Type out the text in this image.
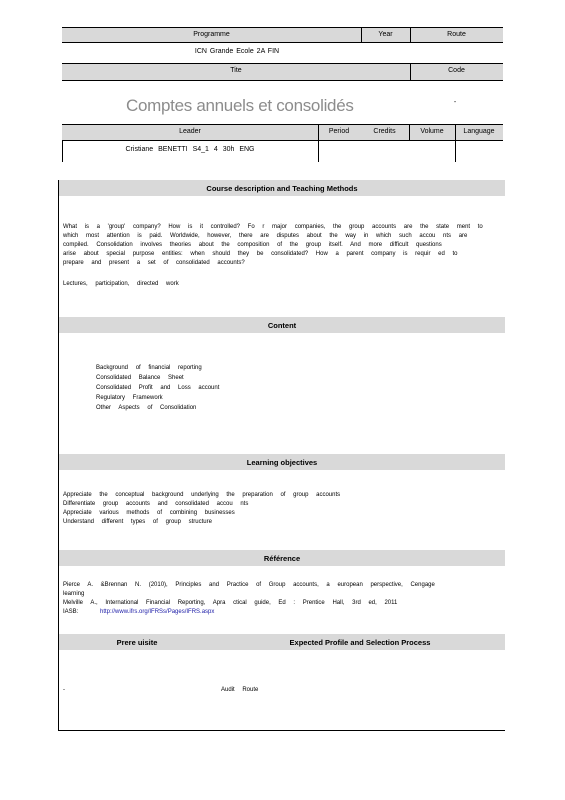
Programme	Year	Route
ICN Grande Ecole 2A FIN
Tite	Code
Comptes annuels et consolidés	-
Leader	Period	Credits	Volume	Language
Cristiane BENETTI S4_1 4 30h ENG
Course description and Teaching Methods
What is a 'group' company? How is it controlled? Fo r major companies, the group accounts are the state ment to
which most attention is paid. Worldwide, however, there are disputes about the way in which such accou nts are
compiled. Consolidation involves theories about the composition of the group itself. And more difficult questions
arise about special purpose entities: when should they be consolidated? How a parent company is requir ed to
prepare and present a set of consolidated accounts?
Lectures, participation, directed work
Content
Background of financial reporting
Consolidated Balance Sheet
Consolidated Profit and Loss account
Regulatory Framework
Other Aspects of Consolidation
Learning objectives
Appreciate the conceptual background underlying the preparation of group accounts
Differentiate group accounts and consolidated accou nts
Appreciate various methods of combining businesses
Understand different types of group structure
Référence
Pierce A. &Brennan N. (2010), Principles and Practice of Group accounts, a european perspective, Cengage
learning
Melville A., International Financial Reporting, Apra ctical guide, Ed : Prentice Hall, 3rd ed, 2011
IASB:	http://www.ifrs.org/IFRSs/Pages/IFRS.aspx
Prere uisite	Expected Profile and Selection Process
-	Audit Route
